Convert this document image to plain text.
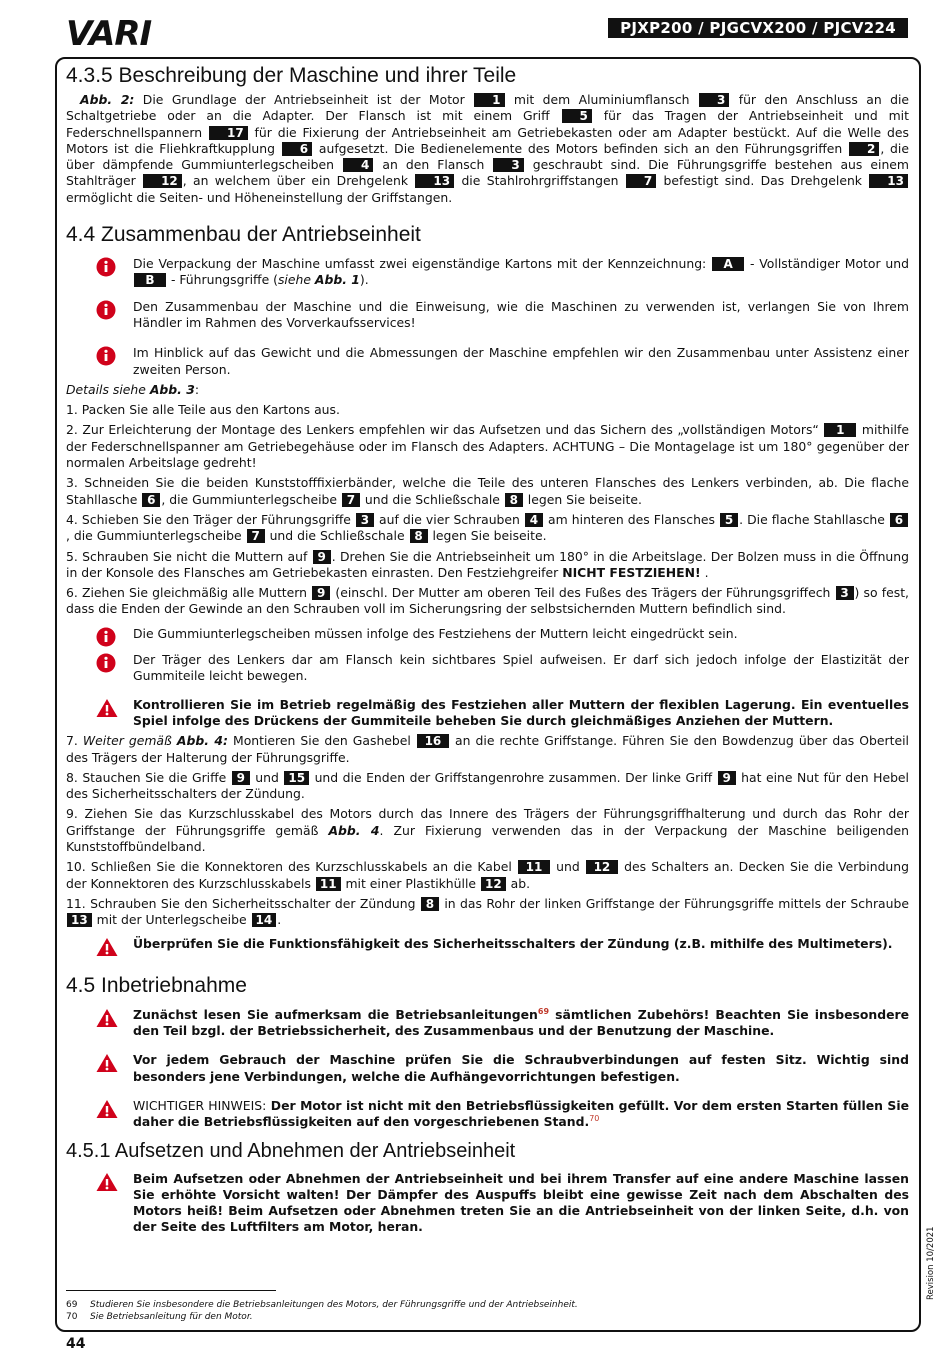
VARI	PJXP200 / PJGCVX200 / PJCV224
4.3.5 Beschreibung der Maschine und ihrer Teile

Abb. 2: Die Grundlage der Antriebseinheit ist der Motor 1 mit dem Aluminiumflansch 3 für den Anschluss an die Schaltgetriebe oder an die Adapter. Der Flansch ist mit einem Griff 5 für das Tragen der Antriebseinheit und mit Federschnellspannern 17 für die Fixierung der Antriebseinheit am Getriebekasten oder am Adapter bestückt. Auf die Welle des Motors ist die Fliehkraftkupplung 6 aufgesetzt. Die Bedienelemente des Motors befinden sich an den Führungsgriffen 2 , die über dämpfende Gummiunterlegscheiben 4 an den Flansch 3 geschraubt sind. Die Führungsgriffe bestehen aus einem Stahlträger 12 , an welchem über ein Drehgelenk 13 die Stahlrohrgriffstangen 7 befestigt sind. Das Drehgelenk 13 ermöglicht die Seiten- und Höheneinstellung der Griffstangen.

4.4 Zusammenbau der Antriebseinheit

Die Verpackung der Maschine umfasst zwei eigenständige Kartons mit der Kennzeichnung: A - Vollständiger Motor und B - Führungsgriffe (siehe Abb. 1).

Den Zusammenbau der Maschine und die Einweisung, wie die Maschinen zu verwenden ist, verlangen Sie von Ihrem Händler im Rahmen des Vorverkaufsservices!

Im Hinblick auf das Gewicht und die Abmessungen der Maschine empfehlen wir den Zusammenbau unter Assistenz einer zweiten Person.

Details siehe Abb. 3:

1. Packen Sie alle Teile aus den Kartons aus.

2. Zur Erleichterung der Montage des Lenkers empfehlen wir das Aufsetzen und das Sichern des „vollständigen Motors“ 1 mithilfe der Federschnellspanner am Getriebegehäuse oder im Flansch des Adapters. ACHTUNG – Die Montagelage ist um 180° gegenüber der normalen Arbeitslage gedreht!

3. Schneiden Sie die beiden Kunststofffixierbänder, welche die Teile des unteren Flansches des Lenkers verbinden, ab. Die flache Stahllasche 6 , die Gummiunterlegscheibe 7 und die Schließschale 8 legen Sie beiseite.

4. Schieben Sie den Träger der Führungsgriffe 3 auf die vier Schrauben 4 am hinteren des Flansches 5 . Die flache Stahllasche 6, die Gummiunterlegscheibe 7 und die Schließschale 8 legen Sie beiseite.

5. Schrauben Sie nicht die Muttern auf 9 . Drehen Sie die Antriebseinheit um 180° in die Arbeitslage. Der Bolzen muss in die Öffnung in der Konsole des Flansches am Getriebekasten einrasten. Den Festziehgreifer NICHT FESTZIEHEN! .

6. Ziehen Sie gleichmäßig alle Muttern 9 (einschl. Der Mutter am oberen Teil des Fußes des Trägers der Führungsgriffech 3 ) so fest, dass die Enden der Gewinde an den Schrauben voll im Sicherungsring der selbstsichernden Muttern befindlich sind.

Die Gummiunterlegscheiben müssen infolge des Festziehens der Muttern leicht eingedrückt sein.

Der Träger des Lenkers dar am Flansch kein sichtbares Spiel aufweisen. Er darf sich jedoch infolge der Elastizität der Gummiteile leicht bewegen.

Kontrollieren Sie im Betrieb regelmäßig des Festziehen aller Muttern der flexiblen Lagerung. Ein eventuelles Spiel infolge des Drückens der Gummiteile beheben Sie durch gleichmäßiges Anziehen der Muttern.

7. Weiter gemäß Abb. 4: Montieren Sie den Gashebel 16 an die rechte Griffstange. Führen Sie den Bowdenzug über das Oberteil des Trägers der Halterung der Führungsgriffe.

8. Stauchen Sie die Griffe 9 und 15 und die Enden der Griffstangenrohre zusammen. Der linke Griff 9 hat eine Nut für den Hebel des Sicherheitsschalters der Zündung.

9. Ziehen Sie das Kurzschlusskabel des Motors durch das Innere des Trägers der Führungsgriffhalterung und durch das Rohr der Griffstange der Führungsgriffe gemäß Abb. 4. Zur Fixierung verwenden das in der Verpackung der Maschine beiligenden Kunststoffbündelband.

10. Schließen Sie die Konnektoren des Kurzschlusskabels an die Kabel 11 und 12 des Schalters an. Decken Sie die Verbindung der Konnektoren des Kurzschlusskabels 11 mit einer Plastikhülle 12 ab.

11. Schrauben Sie den Sicherheitsschalter der Zündung 8 in das Rohr der linken Griffstange der Führungsgriffe mittels der Schraube 13 mit der Unterlegscheibe 14 .

Überprüfen Sie die Funktionsfähigkeit des Sicherheitsschalters der Zündung (z.B. mithilfe des Multimeters).

4.5 Inbetriebnahme

Zunächst lesen Sie aufmerksam die Betriebsanleitungen$^{69}$ sämtlichen Zubehörs! Beachten Sie insbesondere den Teil bzgl. der Betriebssicherheit, des Zusammenbaus und der Benutzung der Maschine.

Vor jedem Gebrauch der Maschine prüfen Sie die Schraubverbindungen auf festen Sitz. Wichtig sind besonders jene Verbindungen, welche die Aufhängevorrichtungen befestigen.

WICHTIGER HINWEIS: Der Motor ist nicht mit den Betriebsflüssigkeiten gefüllt. Vor dem ersten Starten füllen Sie daher die Betriebsflüssigkeiten auf den vorgeschriebenen Stand.$^{70}$

4.5.1 Aufsetzen und Abnehmen der Antriebseinheit

Beim Aufsetzen oder Abnehmen der Antriebseinheit und bei ihrem Transfer auf eine andere Maschine lassen Sie erhöhte Vorsicht walten! Der Dämpfer des Auspuffs bleibt eine gewisse Zeit nach dem Abschalten des Motors heiß! Beim Aufsetzen oder Abnehmen treten Sie an die Antriebseinheit von der linken Seite, d.h. von der Seite des Luftfilters am Motor, heran.

69 Studieren Sie insbesondere die Betriebsanleitungen des Motors, der Führungsgriffe und der Antriebseinheit.
70 Sie Betriebsanleitung für den Motor.
44
Revision 10/2021
